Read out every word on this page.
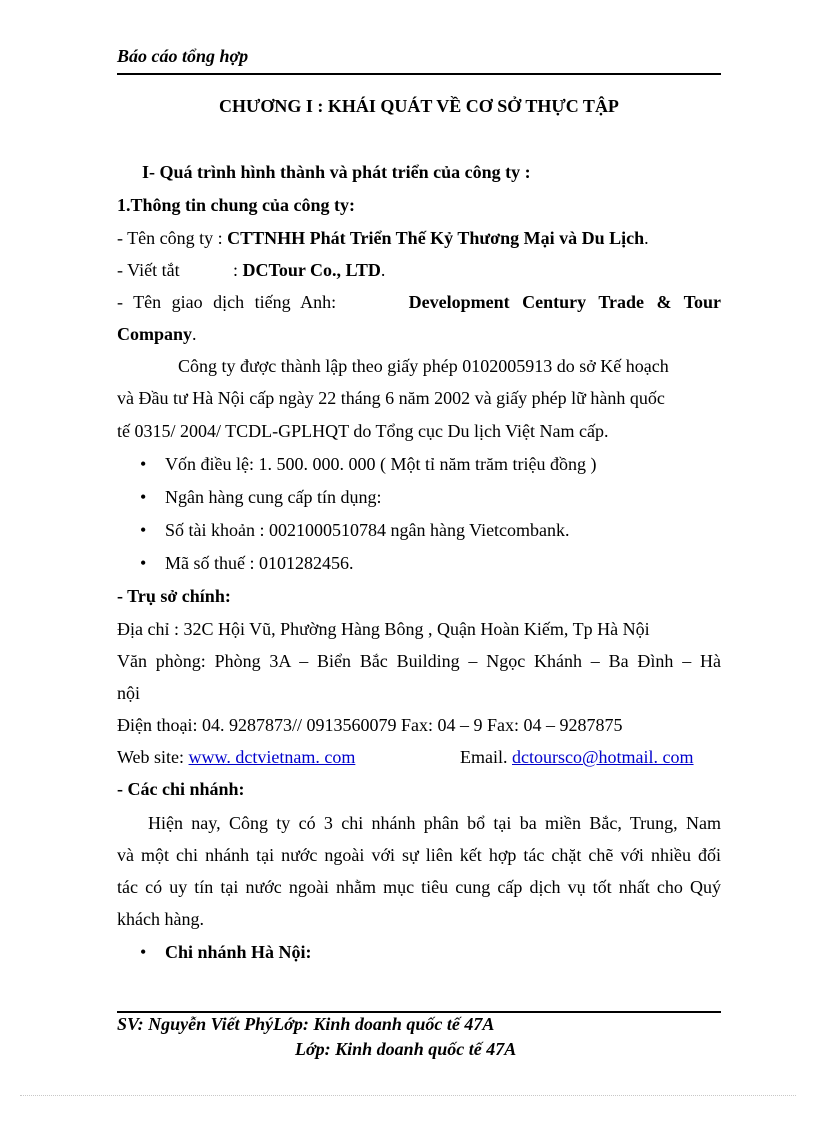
Báo cáo tổng hợp
CHƯƠNG I : KHÁI QUÁT VỀ CƠ SỞ THỰC TẬP
I- Quá trình hình thành và phát triển của công ty :
1.Thông tin chung của công ty:
- Tên công ty : CTTNHH Phát Triển Thế Kỷ Thương Mại và Du Lịch.
- Viết tắt	: DCTour Co., LTD.
- Tên giao dịch tiếng Anh:	Development Century Trade & Tour
Company.
Công ty được thành lập theo giấy phép 0102005913 do sở Kế hoạch
và Đầu tư Hà Nội cấp ngày 22 tháng 6 năm 2002 và giấy phép lữ hành quốc
tế 0315/ 2004/ TCDL-GPLHQT do Tổng cục Du lịch Việt Nam cấp.
• Vốn điều lệ: 1. 500. 000. 000 ( Một tỉ năm trăm triệu đồng )
• Ngân hàng cung cấp tín dụng:
• Số tài khoản : 0021000510784 ngân hàng Vietcombank.
• Mã số thuế : 0101282456.
- Trụ sở chính:
Địa chỉ : 32C Hội Vũ, Phường Hàng Bông , Quận Hoàn Kiếm, Tp Hà Nội
Văn phòng: Phòng 3A – Biển Bắc Building – Ngọc Khánh – Ba Đình – Hà
nội
Điện thoại: 04. 9287873// 0913560079 Fax: 04 – 9 Fax: 04 – 9287875
Web site: www. dctvietnam. com	Email. dctoursco@hotmail. com
- Các chi nhánh:
Hiện nay, Công ty có 3 chi nhánh phân bổ tại ba miền Bắc, Trung, Nam
và một chi nhánh tại nước ngoài với sự liên kết hợp tác chặt chẽ với nhiều đối
tác có uy tín tại nước ngoài nhằm mục tiêu cung cấp dịch vụ tốt nhất cho Quý
khách hàng.
• Chi nhánh Hà Nội:
SV: Nguyễn Viết PhýLớp: Kinh doanh quốc tế 47A
Lớp: Kinh doanh quốc tế 47A
